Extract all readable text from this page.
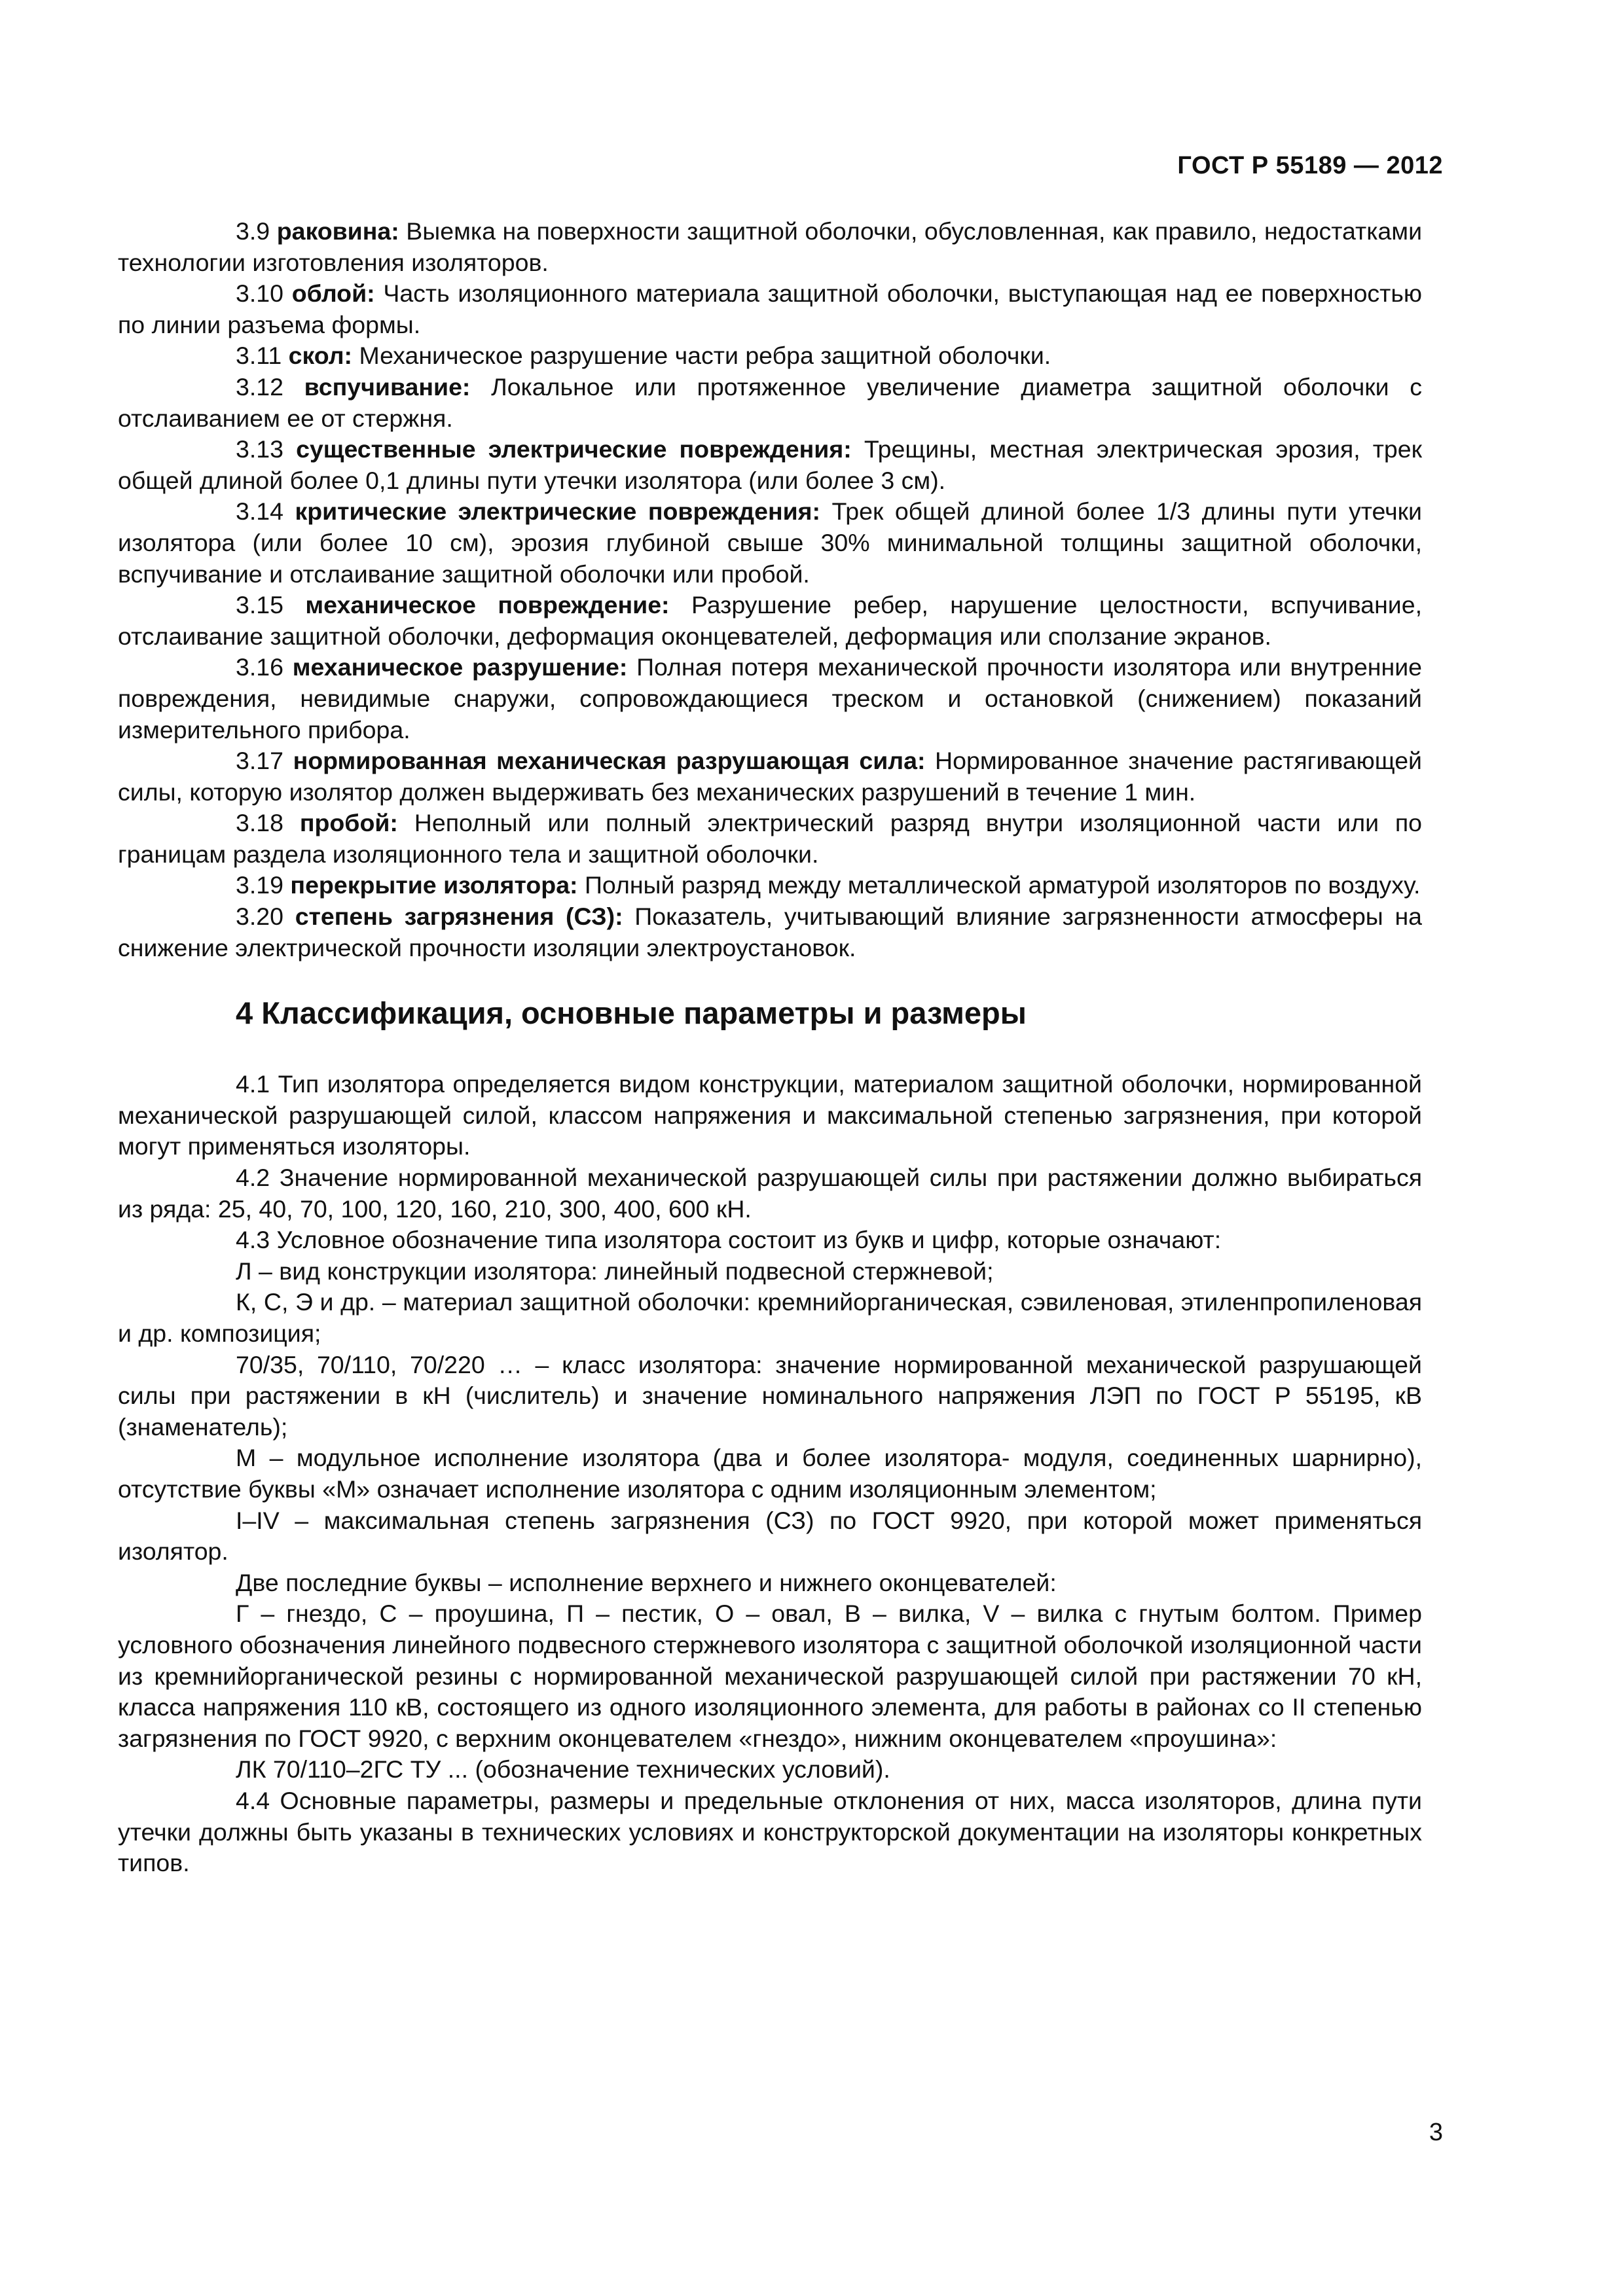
ГОСТ Р 55189 — 2012

3.9 раковина: Выемка на поверхности защитной оболочки, обусловленная, как правило, недостатками технологии изготовления изоляторов.

3.10 облой: Часть изоляционного материала защитной оболочки, выступающая над ее поверхностью по линии разъема формы.

3.11 скол: Механическое разрушение части ребра защитной оболочки.

3.12 вспучивание: Локальное или протяженное увеличение диаметра защитной оболочки с отслаиванием ее от стержня.

3.13 существенные электрические повреждения: Трещины, местная электрическая эрозия, трек общей длиной более 0,1 длины пути утечки изолятора (или более 3 см).

3.14 критические электрические повреждения: Трек общей длиной более 1/3 длины пути утечки изолятора (или более 10 см), эрозия глубиной свыше 30% минимальной толщины защитной оболочки, вспучивание и отслаивание защитной оболочки или пробой.

3.15 механическое повреждение: Разрушение ребер, нарушение целостности, вспучивание, отслаивание защитной оболочки, деформация оконцевателей, деформация или сползание экранов.

3.16 механическое разрушение: Полная потеря механической прочности изолятора или внутренние повреждения, невидимые снаружи, сопровождающиеся треском и остановкой (снижением) показаний измерительного прибора.

3.17 нормированная механическая разрушающая сила: Нормированное значение растягивающей силы, которую изолятор должен выдерживать без механических разрушений в течение 1 мин.

3.18 пробой: Неполный или полный электрический разряд внутри изоляционной части или по границам раздела изоляционного тела и защитной оболочки.

3.19 перекрытие изолятора: Полный разряд между металлической арматурой изоляторов по воздуху.

3.20 степень загрязнения (СЗ): Показатель, учитывающий влияние загрязненности атмосферы на снижение электрической прочности изоляции электроустановок.

4 Классификация, основные параметры и размеры

4.1 Тип изолятора определяется видом конструкции, материалом защитной оболочки, нормированной механической разрушающей силой, классом напряжения и максимальной степенью загрязнения, при которой могут применяться изоляторы.

4.2 Значение нормированной механической разрушающей силы при растяжении должно выбираться из ряда: 25, 40, 70, 100, 120, 160, 210, 300, 400, 600 кН.

4.3 Условное обозначение типа изолятора состоит из букв и цифр, которые означают:

Л – вид конструкции изолятора: линейный подвесной стержневой;

К, С, Э и др. – материал защитной оболочки: кремнийорганическая, сэвиленовая, этиленпропиленовая и др. композиция;

70/35, 70/110, 70/220 … – класс изолятора: значение нормированной механической разрушающей силы при растяжении в кН (числитель) и значение номинального напряжения ЛЭП по ГОСТ Р 55195, кВ (знаменатель);

М – модульное исполнение изолятора (два и более изолятора- модуля, соединенных шарнирно), отсутствие буквы «М» означает исполнение изолятора с одним изоляционным элементом;

I–IV – максимальная степень загрязнения (СЗ) по ГОСТ 9920, при которой может применяться изолятор.

Две последние буквы – исполнение верхнего и нижнего оконцевателей:

Г – гнездо, С – проушина, П – пестик, О – овал, В – вилка, V – вилка с гнутым болтом. Пример условного обозначения линейного подвесного стержневого изолятора с защитной оболочкой изоляционной части из кремнийорганической резины с нормированной механической разрушающей силой при растяжении 70 кН, класса напряжения 110 кВ, состоящего из одного изоляционного элемента, для работы в районах со II степенью загрязнения по ГОСТ 9920, с верхним оконцевателем «гнездо», нижним оконцевателем «проушина»:

ЛК 70/110–2ГС ТУ ... (обозначение технических условий).

4.4 Основные параметры, размеры и предельные отклонения от них, масса изоляторов, длина пути утечки должны быть указаны в технических условиях и конструкторской документации на изоляторы конкретных типов.

3
